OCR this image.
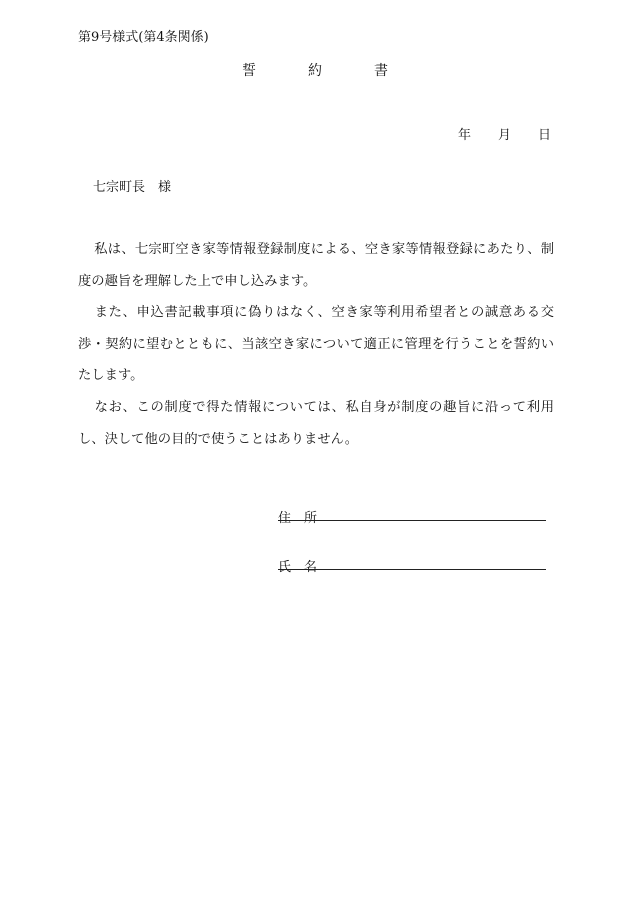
第9号様式(第4条関係)
誓	約	書
年 月 日
七宗町長　様
私は、七宗町空き家等情報登録制度による、空き家等情報登録にあたり、制度の趣旨を理解した上で申し込みます。
また、申込書記載事項に偽りはなく、空き家等利用希望者との誠意ある交渉・契約に望むとともに、当該空き家について適正に管理を行うことを誓約いたします。
なお、この制度で得た情報については、私自身が制度の趣旨に沿って利用し、決して他の目的で使うことはありません。
住　所
氏　名
